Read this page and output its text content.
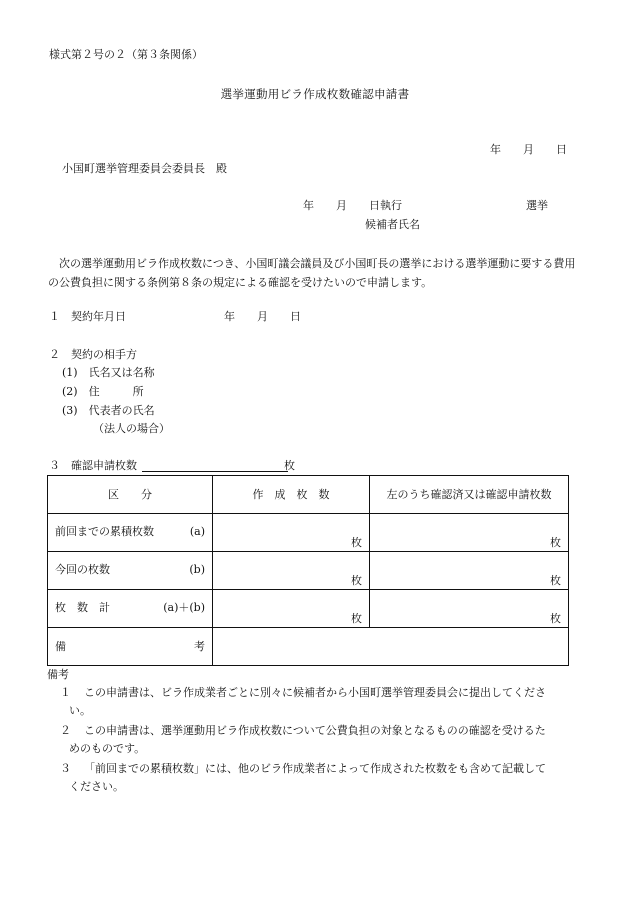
様式第２号の２（第３条関係）
選挙運動用ビラ作成枚数確認申請書
年 月 日
小国町選挙管理委員会委員長　殿
年 月 日執行	選挙
候補者氏名
次の選挙運動用ビラ作成枚数につき、小国町議会議員及び小国町長の選挙における選挙運動に要する費用の公費負担に関する条例第８条の規定による確認を受けたいので申請します。
１　契約年月日	年 月 日
２　契約の相手方
(1)　氏名又は名称
(2)　住　　　所
(3)　代表者の氏名
（法人の場合）
３　確認申請枚数	枚
区　　分	作　成　枚　数	左のうち確認済又は確認申請枚数

前回までの累積枚数 (a)	枚	枚

今回の枚数 (b)	枚	枚

枚　数　計 (a)＋(b)	枚	枚

備 考		

備考
１ この申請書は、ビラ作成業者ごとに別々に候補者から小国町選挙管理委員会に提出してくださ
い。
２ この申請書は、選挙運動用ビラ作成枚数について公費負担の対象となるものの確認を受けるた
めのものです。
３ 「前回までの累積枚数」には、他のビラ作成業者によって作成された枚数をも含めて記載して
ください。
